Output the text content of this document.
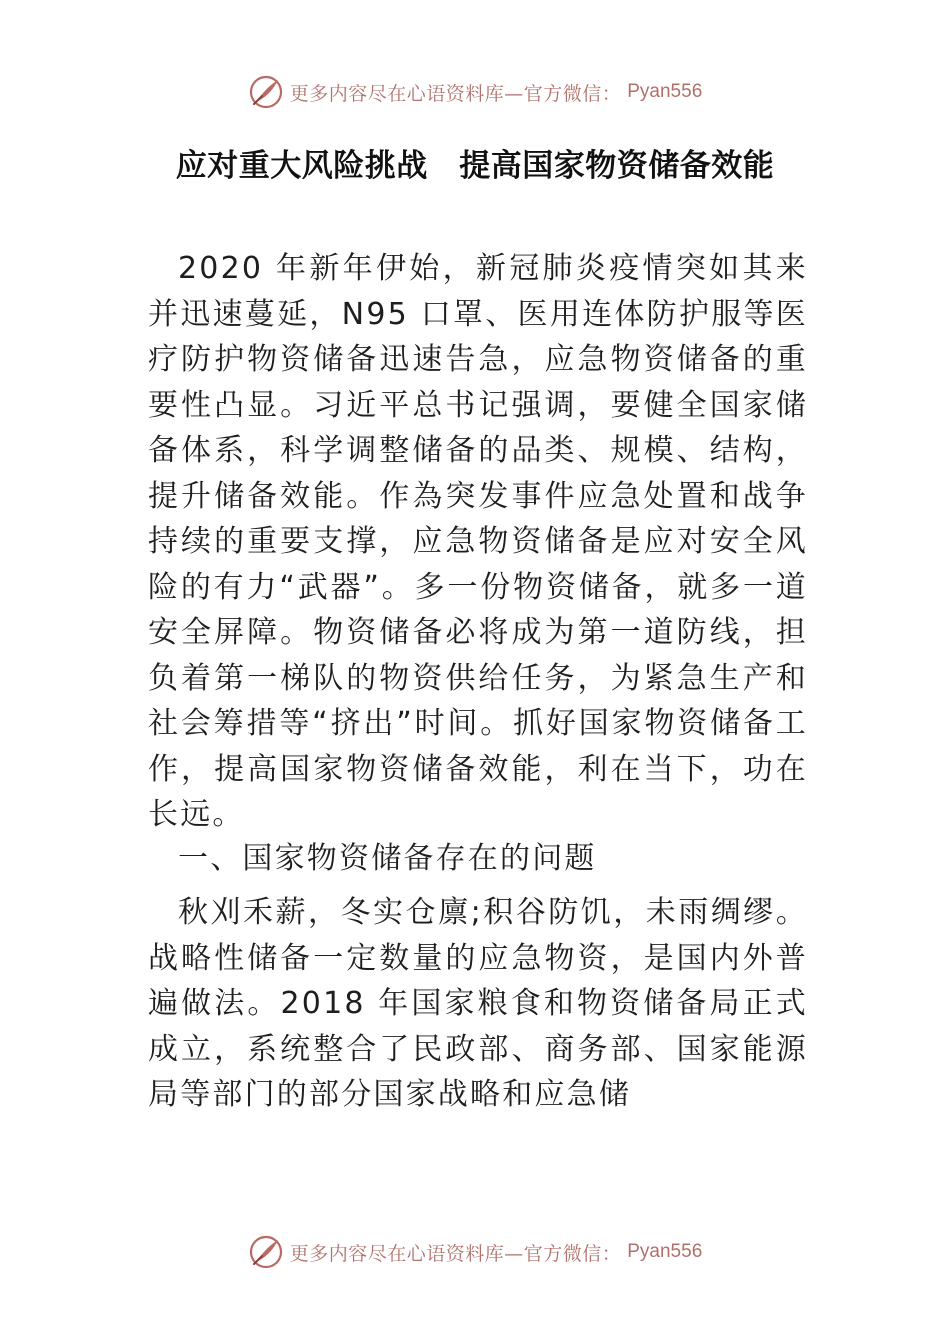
更多内容尽在心语资料库—官方微信： Pyan556
应对重大风险挑战　提高国家物资储备效能

2020 年新年伊始，新冠肺炎疫情突如其来并迅速蔓延，N95 口罩、医用连体防护服等医疗防护物资储备迅速告急，应急物资储备的重要性凸显。习近平总书记强调，要健全国家储备体系，科学调整储备的品类、规模、结构，提升储备效能。作為突发事件应急处置和战争持续的重要支撑，应急物资储备是应对安全风险的有力“武器”。多一份物资储备，就多一道安全屏障。物资储备必将成为第一道防线，担负着第一梯队的物资供给任务，为紧急生产和社会筹措等“挤出”时间。抓好国家物资储备工作，提高国家物资储备效能，利在当下，功在长远。

一、国家物资储备存在的问题

秋刈禾薪，冬实仓廪;积谷防饥，未雨绸缪。战略性储备一定数量的应急物资，是国内外普遍做法。2018 年国家粮食和物资储备局正式成立，系统整合了民政部、商务部、国家能源局等部门的部分国家战略和应急储

更多内容尽在心语资料库—官方微信： Pyan556
